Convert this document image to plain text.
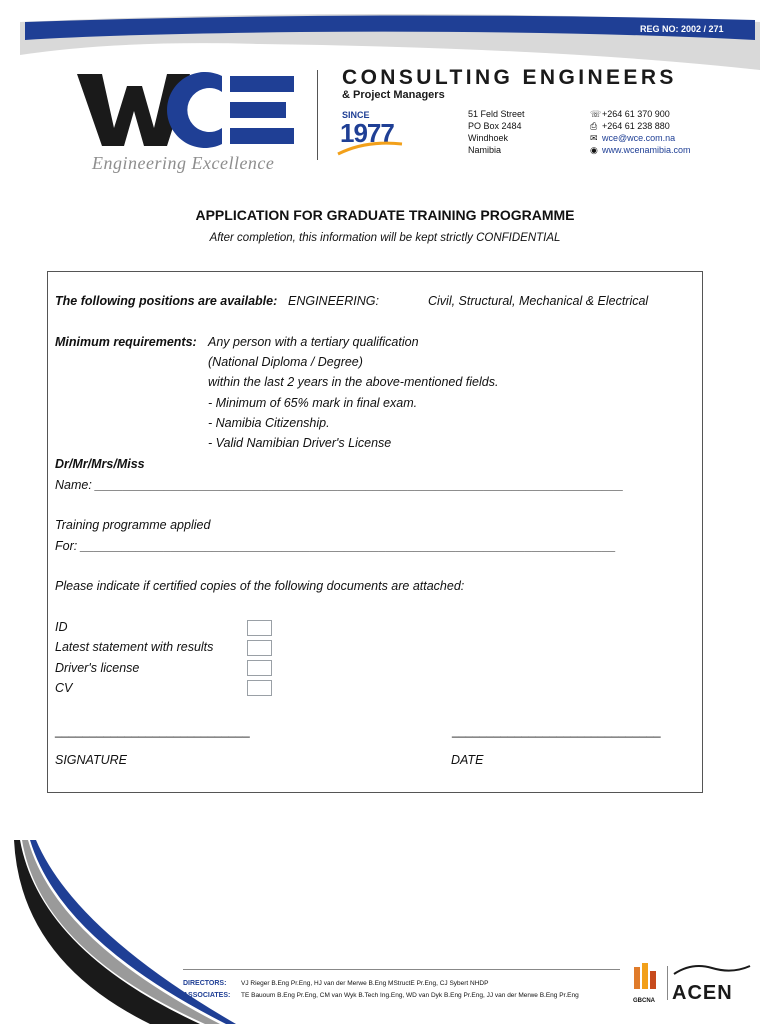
REG NO: 2002 / 271
Engineering Excellence
CONSULTING ENGINEERS
& Project Managers
SINCE
1977
51 Feld Street
PO Box 2484
Windhoek
Namibia
☏+264 61 370 900
⎙ +264 61 238 880
✉ wce@wce.com.na
◉ www.wcenamibia.com
APPLICATION FOR GRADUATE TRAINING PROGRAMME
After completion, this information will be kept strictly CONFIDENTIAL
The following positions are available: ENGINEERING:	Civil, Structural, Mechanical & Electrical
Minimum requirements: Any person with a tertiary qualification
(National Diploma / Degree)
within the last 2 years in the above-mentioned fields.
- Minimum of 65% mark in final exam.
- Namibia Citizenship.
- Valid Namibian Driver's License
Dr/Mr/Mrs/Miss
Name: ____________________________________________________________________________
Training programme applied
For: _____________________________________________________________________________
Please indicate if certified copies of the following documents are attached:
ID
Latest statement with results
Driver's license
CV
____________________________	______________________________
SIGNATURE	DATE
DIRECTORS: VJ Rieger B.Eng Pr.Eng, HJ van der Merwe B.Eng MStructE Pr.Eng, CJ Sybert NHDP
ASSOCIATES: TE Bauoum B.Eng Pr.Eng, CM van Wyk B.Tech Ing.Eng, WD van Dyk B.Eng Pr.Eng, JJ van der Merwe B.Eng Pr.Eng
GBCNA ACEN
